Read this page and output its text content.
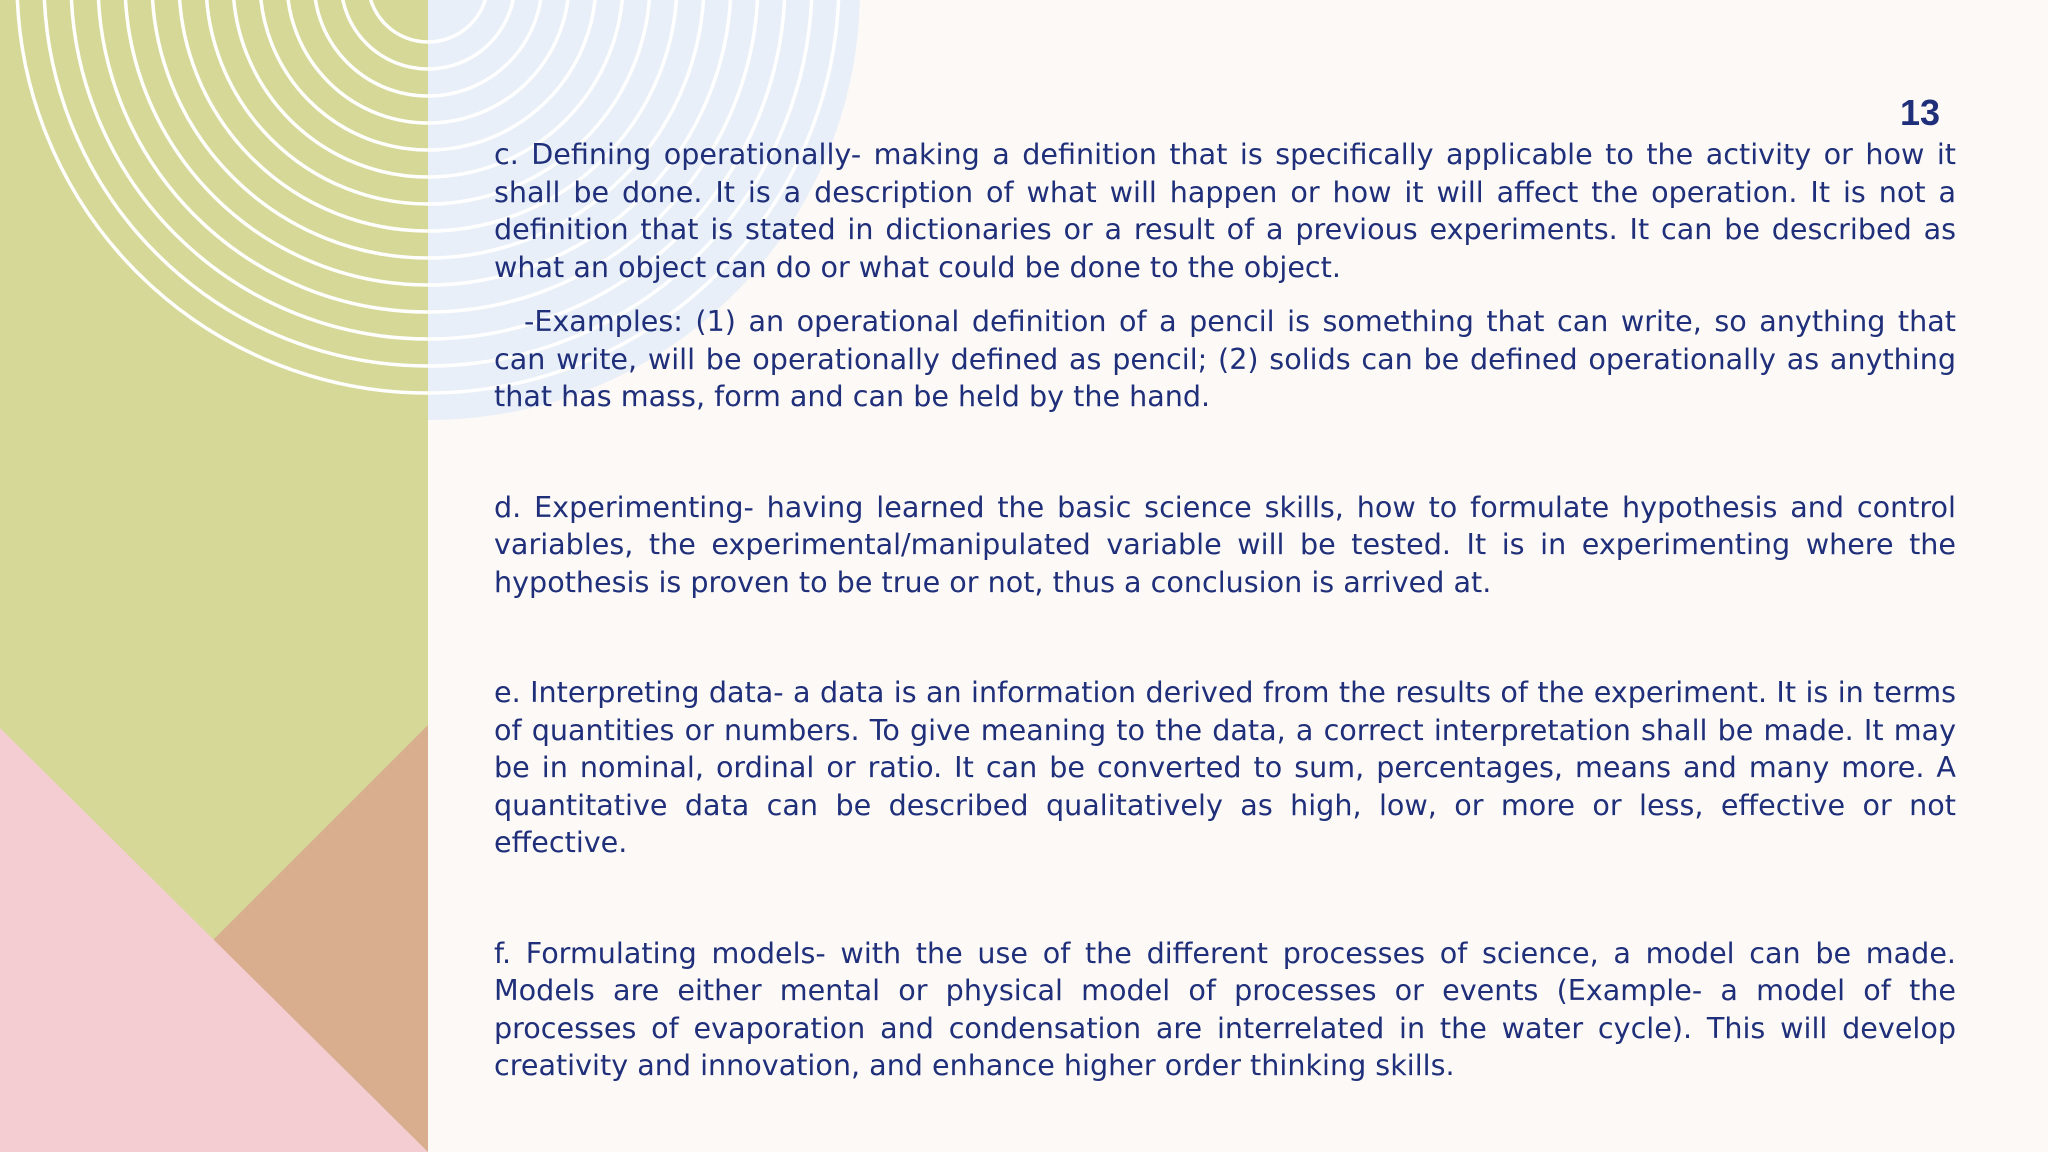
13

c. Defining operationally- making a definition that is specifically applicable to the activity or how it shall be done. It is a description of what will happen or how it will affect the operation. It is not a definition that is stated in dictionaries or a result of a previous experiments. It can be described as what an object can do or what could be done to the object.

-Examples: (1) an operational definition of a pencil is something that can write, so anything that can write, will be operationally defined as pencil; (2) solids can be defined operationally as anything that has mass, form and can be held by the hand.

d. Experimenting- having learned the basic science skills, how to formulate hypothesis and control variables, the experimental/manipulated variable will be tested. It is in experimenting where the hypothesis is proven to be true or not, thus a conclusion is arrived at.

e. Interpreting data- a data is an information derived from the results of the experiment. It is in terms of quantities or numbers. To give meaning to the data, a correct interpretation shall be made. It may be in nominal, ordinal or ratio. It can be converted to sum, percentages, means and many more. A quantitative data can be described qualitatively as high, low, or more or less, effective or not effective.

f. Formulating models- with the use of the different processes of science, a model can be made. Models are either mental or physical model of processes or events (Example- a model of the processes of evaporation and condensation are interrelated in the water cycle). This will develop creativity and innovation, and enhance higher order thinking skills.
